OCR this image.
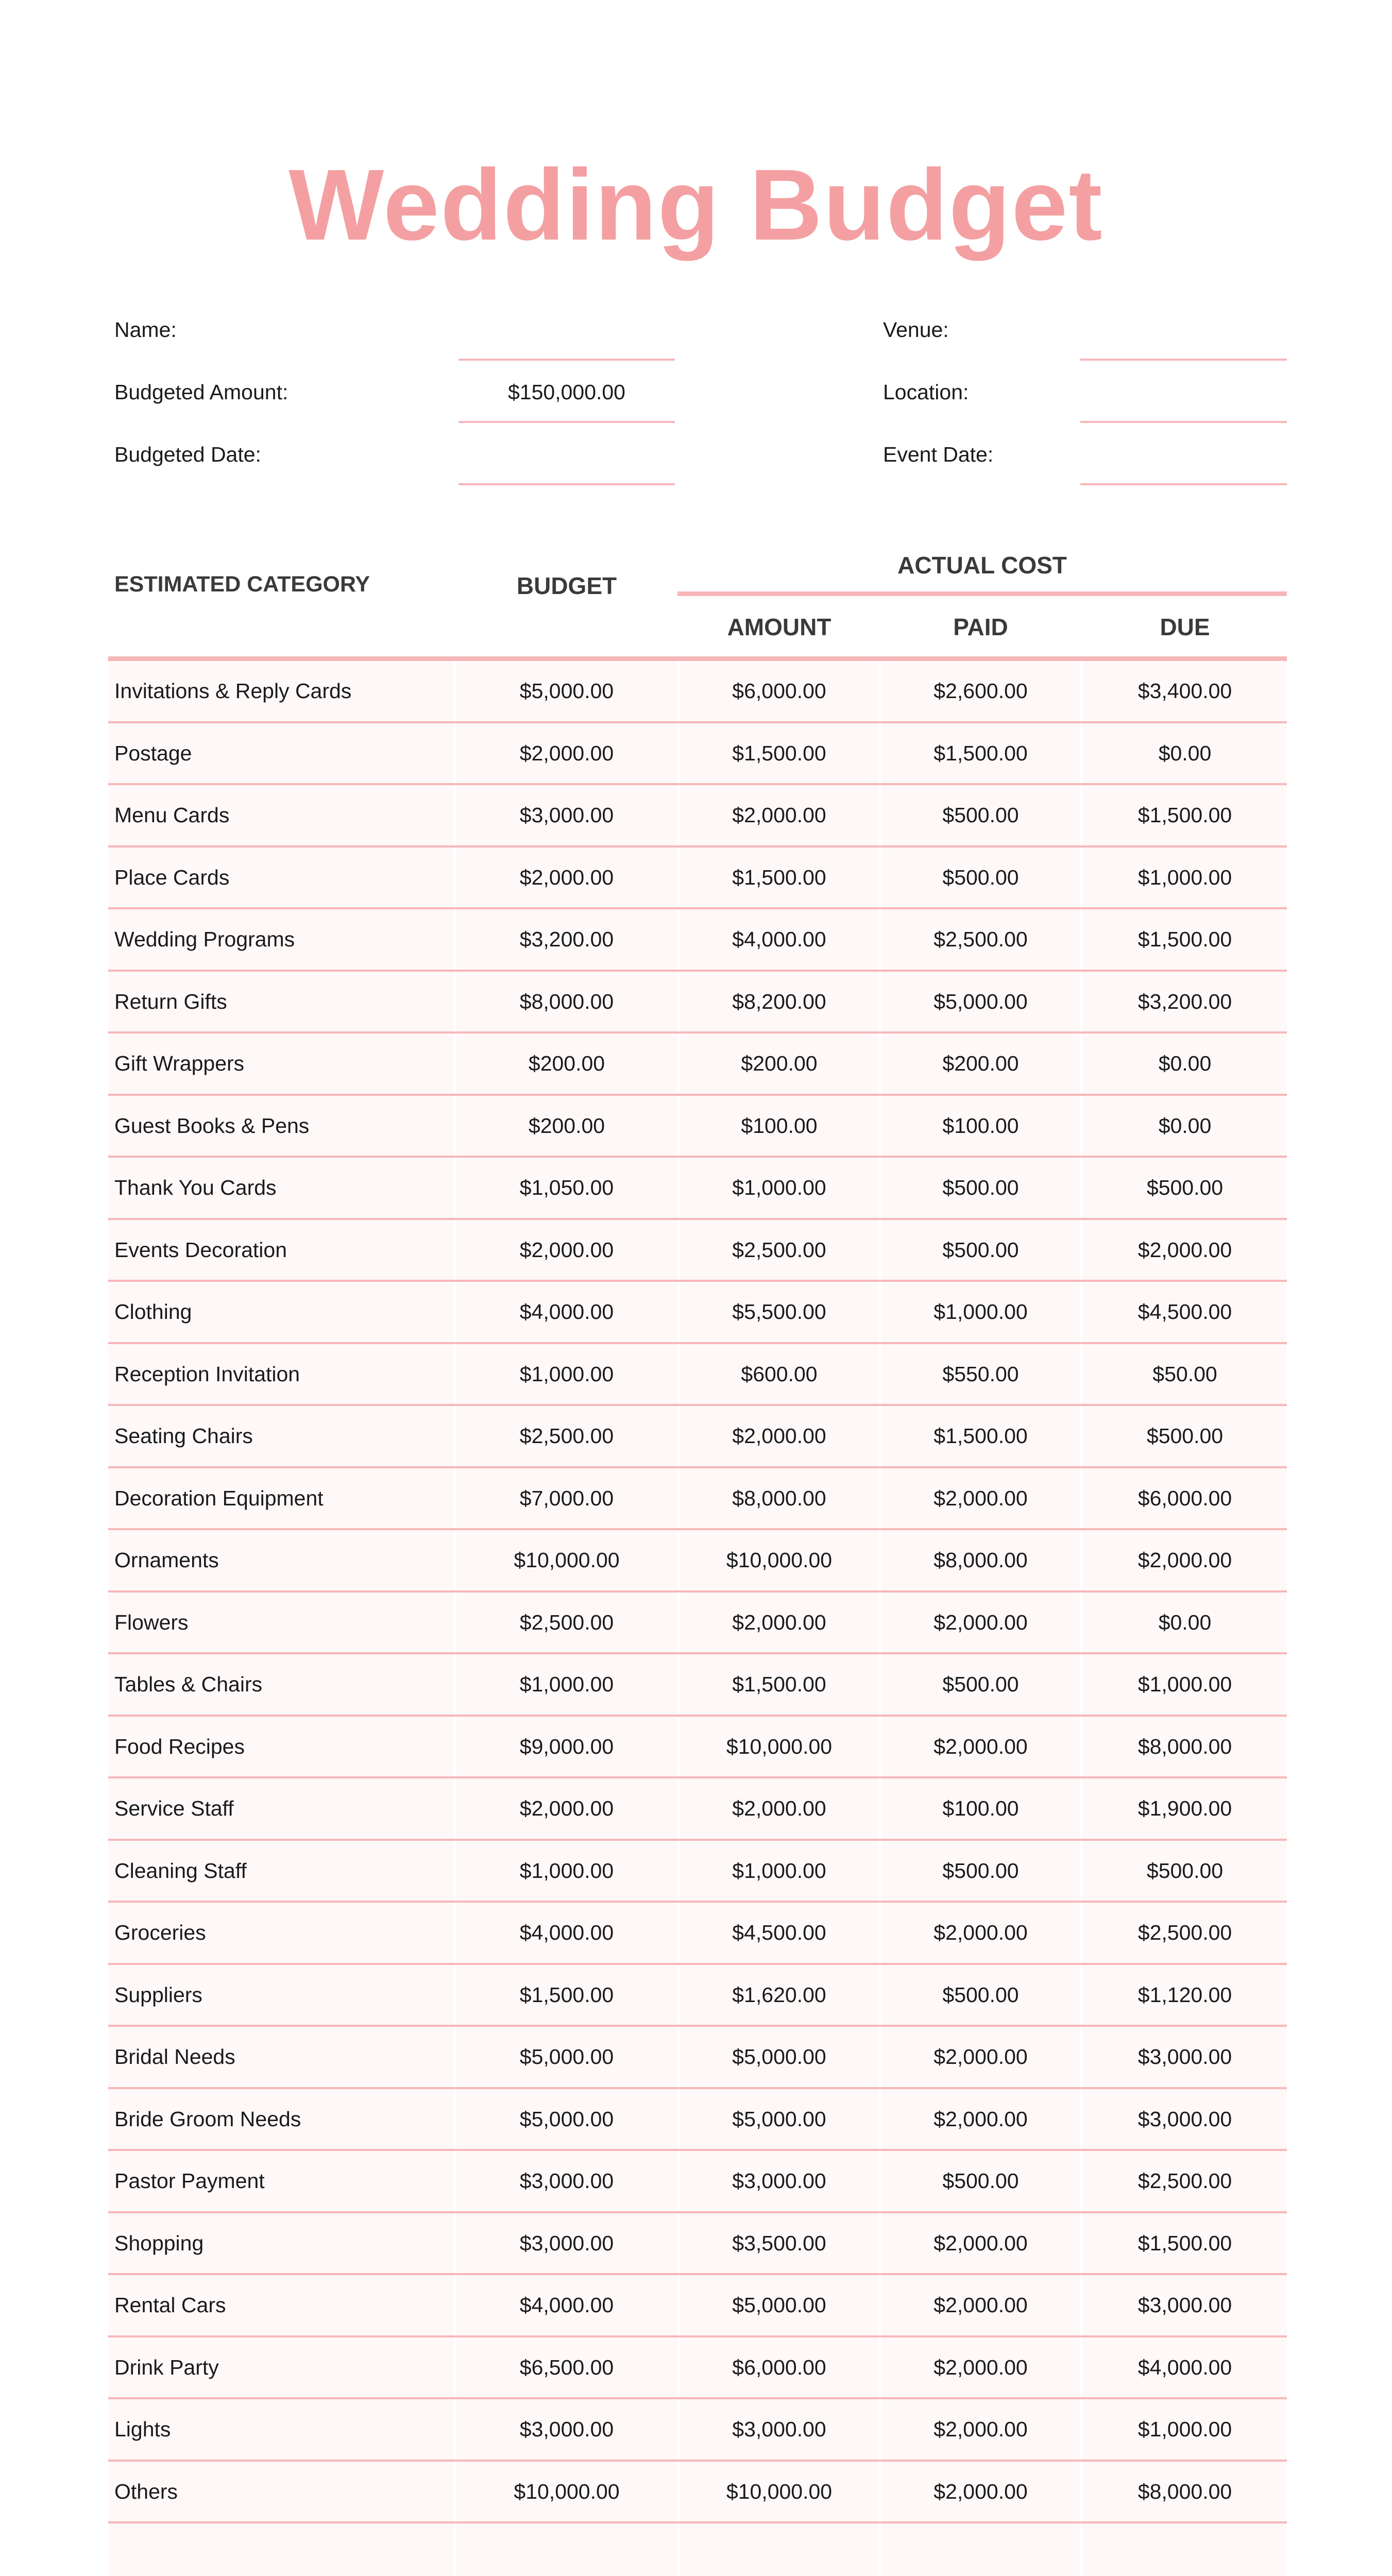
Wedding Budget
Name:
Budgeted Amount:	$150,000.00
Budgeted Date:
Venue:
Location:
Event Date:
ESTIMATED CATEGORY	BUDGET
ACTUAL COST
AMOUNT	PAID	DUE
Invitations & Reply Cards	$5,000.00	$6,000.00	$2,600.00	$3,400.00
Postage	$2,000.00	$1,500.00	$1,500.00	$0.00
Menu Cards	$3,000.00	$2,000.00	$500.00	$1,500.00
Place Cards	$2,000.00	$1,500.00	$500.00	$1,000.00
Wedding Programs	$3,200.00	$4,000.00	$2,500.00	$1,500.00
Return Gifts	$8,000.00	$8,200.00	$5,000.00	$3,200.00
Gift Wrappers	$200.00	$200.00	$200.00	$0.00
Guest Books & Pens	$200.00	$100.00	$100.00	$0.00
Thank You Cards	$1,050.00	$1,000.00	$500.00	$500.00
Events Decoration	$2,000.00	$2,500.00	$500.00	$2,000.00
Clothing	$4,000.00	$5,500.00	$1,000.00	$4,500.00
Reception Invitation	$1,000.00	$600.00	$550.00	$50.00
Seating Chairs	$2,500.00	$2,000.00	$1,500.00	$500.00
Decoration Equipment	$7,000.00	$8,000.00	$2,000.00	$6,000.00
Ornaments	$10,000.00	$10,000.00	$8,000.00	$2,000.00
Flowers	$2,500.00	$2,000.00	$2,000.00	$0.00
Tables & Chairs	$1,000.00	$1,500.00	$500.00	$1,000.00
Food Recipes	$9,000.00	$10,000.00	$2,000.00	$8,000.00
Service Staff	$2,000.00	$2,000.00	$100.00	$1,900.00
Cleaning Staff	$1,000.00	$1,000.00	$500.00	$500.00
Groceries	$4,000.00	$4,500.00	$2,000.00	$2,500.00
Suppliers	$1,500.00	$1,620.00	$500.00	$1,120.00
Bridal Needs	$5,000.00	$5,000.00	$2,000.00	$3,000.00
Bride Groom Needs	$5,000.00	$5,000.00	$2,000.00	$3,000.00
Pastor Payment	$3,000.00	$3,000.00	$500.00	$2,500.00
Shopping	$3,000.00	$3,500.00	$2,000.00	$1,500.00
Rental Cars	$4,000.00	$5,000.00	$2,000.00	$3,000.00
Drink Party	$6,500.00	$6,000.00	$2,000.00	$4,000.00
Lights	$3,000.00	$3,000.00	$2,000.00	$1,000.00
Others	$10,000.00	$10,000.00	$2,000.00	$8,000.00
